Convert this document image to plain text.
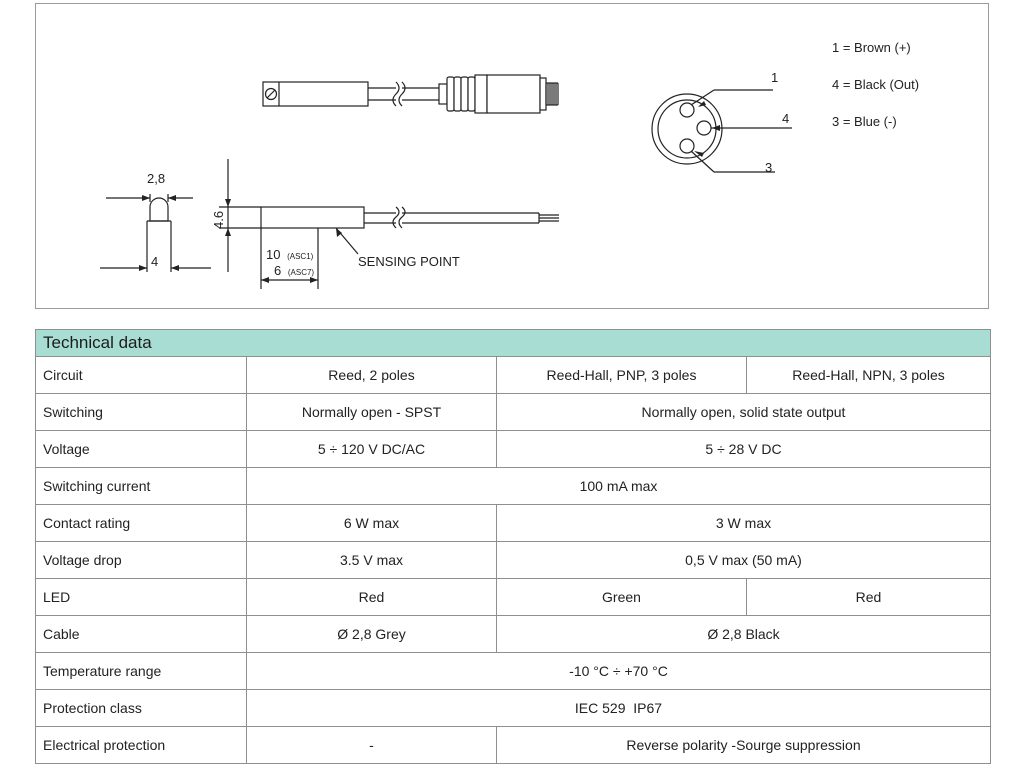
1
4
3
2,8
4
4.6
10 (ASC1)
6 (ASC7)
SENSING POINT
1 = Brown (+)
4 = Black (Out)
3 = Blue (-)
Technical data			
Circuit	Reed, 2 poles	Reed-Hall, PNP, 3 poles	Reed-Hall, NPN, 3 poles
Switching	Normally open - SPST	Normally open, solid state output	
Voltage	5 ÷ 120 V DC/AC	5 ÷ 28 V DC	
Switching current	100 mA max		
Contact rating	6 W max	3 W max	
Voltage drop	3.5 V max	0,5 V max (50 mA)	
LED	Red	Green	Red
Cable	Ø 2,8 Grey	Ø 2,8 Black	
Temperature range	-10 °C ÷ +70 °C		
Protection class	IEC 529  IP67		
Electrical protection	-	Reverse polarity -Sourge suppression	
